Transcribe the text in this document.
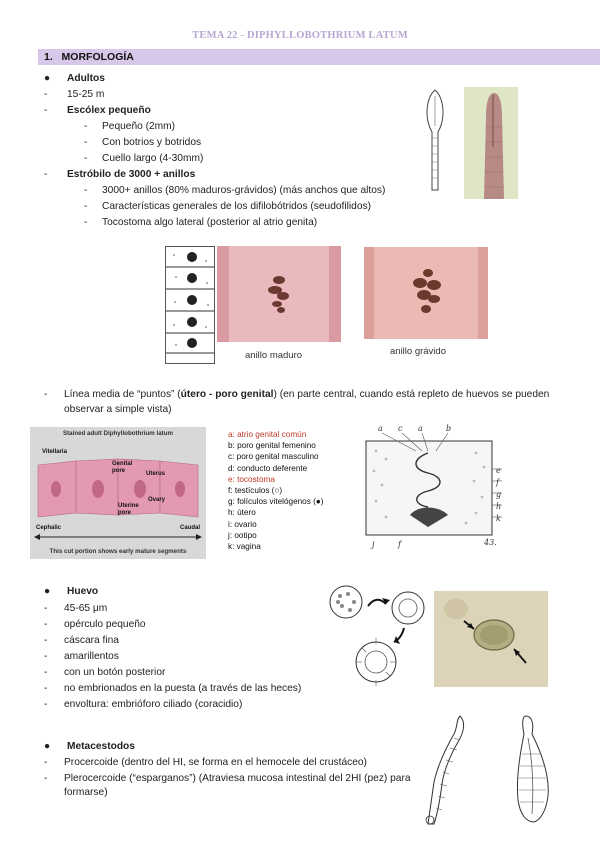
TEMA 22 - DIPHYLLOBOTHRIUM LATUM
1. MORFOLOGÍA
● Adultos
- 15-25 m
- Escólex pequeño
- Pequeño (2mm)
- Con botrios y botridos
- Cuello largo (4-30mm)
- Estróbilo de 3000 + anillos
- 3000+ anillos (80% maduros-grávidos) (más anchos que altos)
- Características generales de los difilobótridos (seudofilidos)
- Tocostoma algo lateral (posterior al atrio genita)
anillo maduro	anillo grávido
- Línea media de “puntos” (útero - poro genital) (en parte central, cuando está repleto de huevos se pueden
observar a simple vista)
Stained adult Diphyllobothrium latum
Vitellaria
Genital pore	Uterus
Uterine pore
Ovary
Cephalic	Caudal
This cut portion shows early mature segments
a: atrio genital común
b: poro genital femenino
c: poro genital masculino
d: conducto deferente
e: tocostoma
f: testículos (○)
g: folículos vitelógenos (●)
h: útero
i: ovario
j: ootipo
k: vagina
a c a	b
e
f
g
h
k
j	f	43.
● Huevo
- 45-65 μm
- opérculo pequeño
- cáscara fina
- amarillentos
- con un botón posterior
- no embrionados en la puesta (a través de las heces)
- envoltura: embrióforo ciliado (coracidio)
● Metacestodos
- Procercoide (dentro del HI, se forma en el hemocele del crustáceo)
- Plerocercoide (“esparganos”) (Atraviesa mucosa intestinal del 2HI (pez) para
formarse)
